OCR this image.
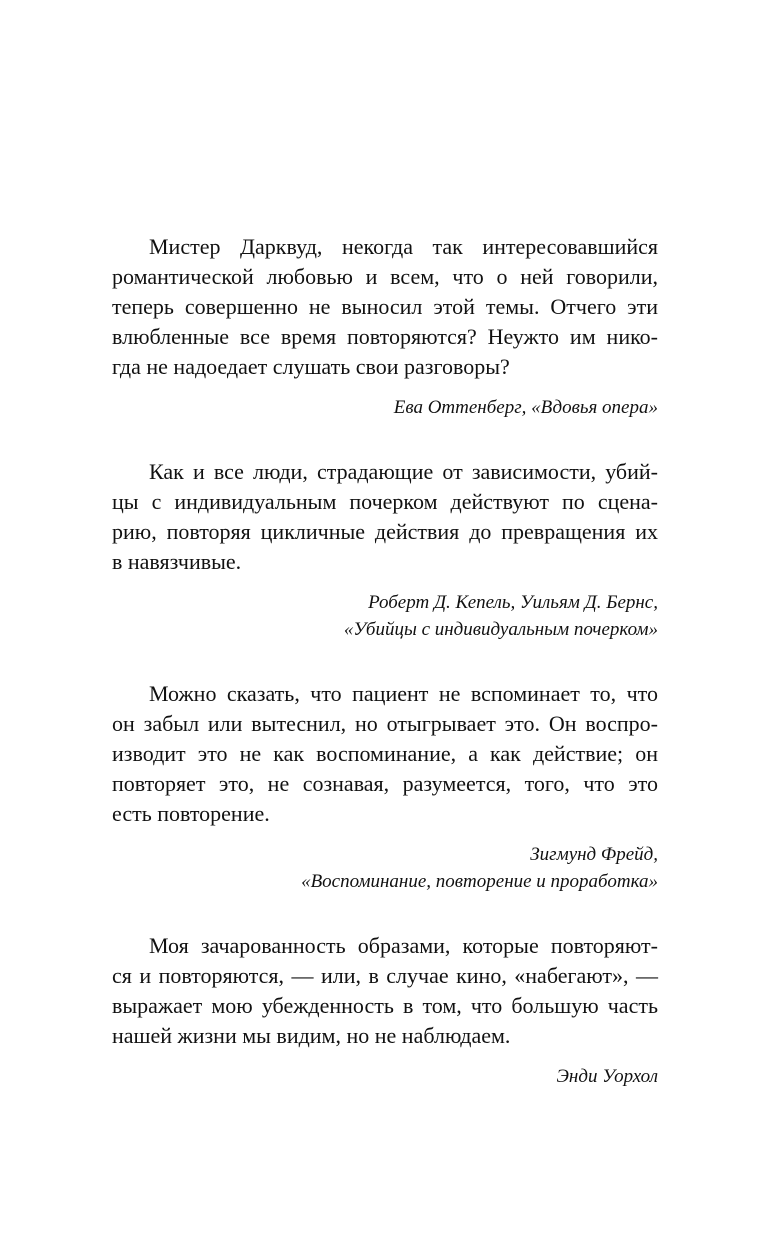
Мистер Дарквуд, некогда так интересовавшийся
романтической любовью и всем, что о ней говорили,
теперь совершенно не выносил этой темы. Отчего эти
влюбленные все время повторяются? Неужто им нико-
гда не надоедает слушать свои разговоры?

Ева Оттенберг, «Вдовья опера»

Как и все люди, страдающие от зависимости, убий-
цы с индивидуальным почерком действуют по сцена-
рию, повторяя цикличные действия до превращения их
в навязчивые.

Роберт Д. Кепель, Уильям Д. Бернс,
«Убийцы с индивидуальным почерком»

Можно сказать, что пациент не вспоминает то, что
он забыл или вытеснил, но отыгрывает это. Он воспро-
изводит это не как воспоминание, а как действие; он
повторяет это, не сознавая, разумеется, того, что это
есть повторение.

Зигмунд Фрейд,
«Воспоминание, повторение и проработка»

Моя зачарованность образами, которые повторяют-
ся и повторяются, — или, в случае кино, «набегают», —
выражает мою убежденность в том, что большую часть
нашей жизни мы видим, но не наблюдаем.

Энди Уорхол
